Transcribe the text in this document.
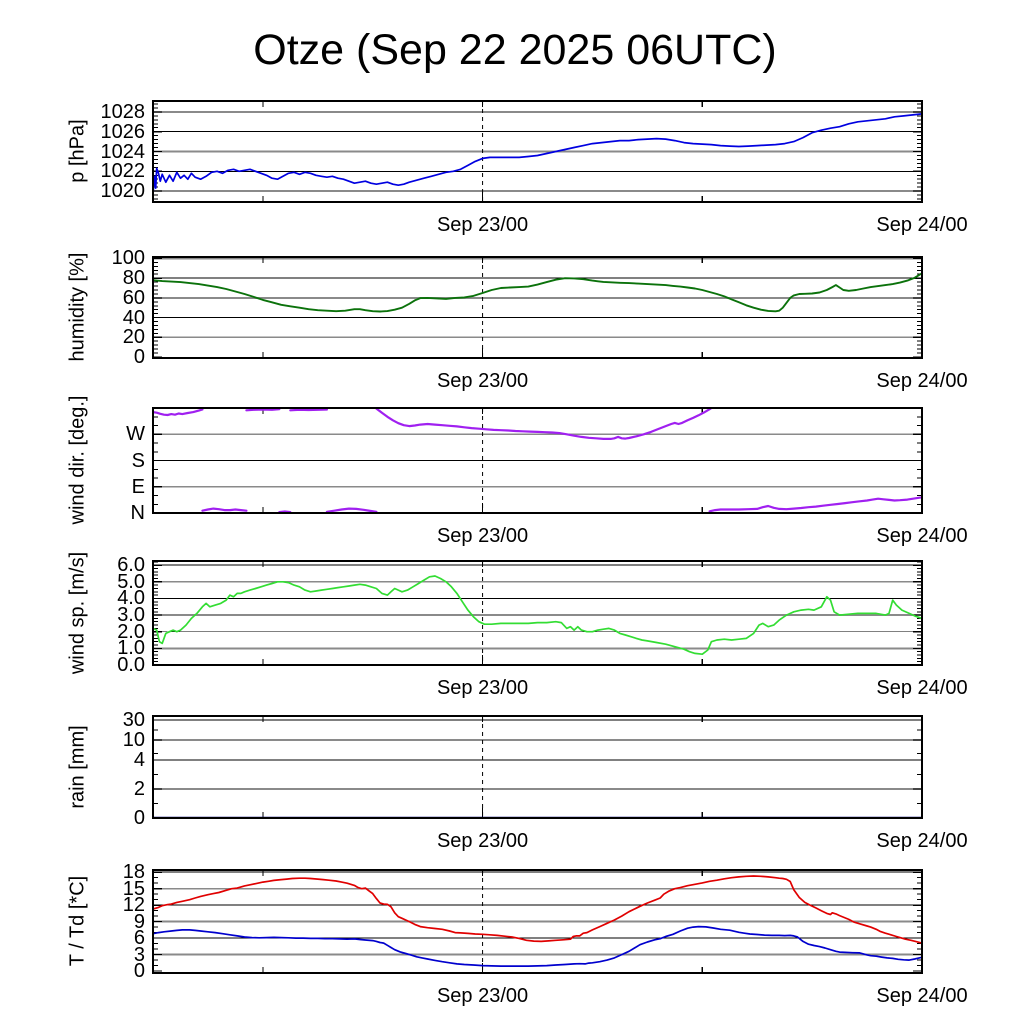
Otze (Sep 22 2025 06UTC)
p [hPa]
humidity [%]
wind dir. [deg.]
wind sp. [m/s]
rain [mm]
T / Td [*C]
1020
1022
1024
1026
1028
Sep 23/00	Sep 24/00
0
20
40
60
80
100
Sep 23/00	Sep 24/00
N
E
S
W
Sep 23/00	Sep 24/00
0.0
1.0
2.0
3.0
4.0
5.0
6.0
Sep 23/00	Sep 24/00
0
2
4
10
30
Sep 23/00	Sep 24/00
0
3
6
9
12
15
18
Sep 23/00	Sep 24/00
